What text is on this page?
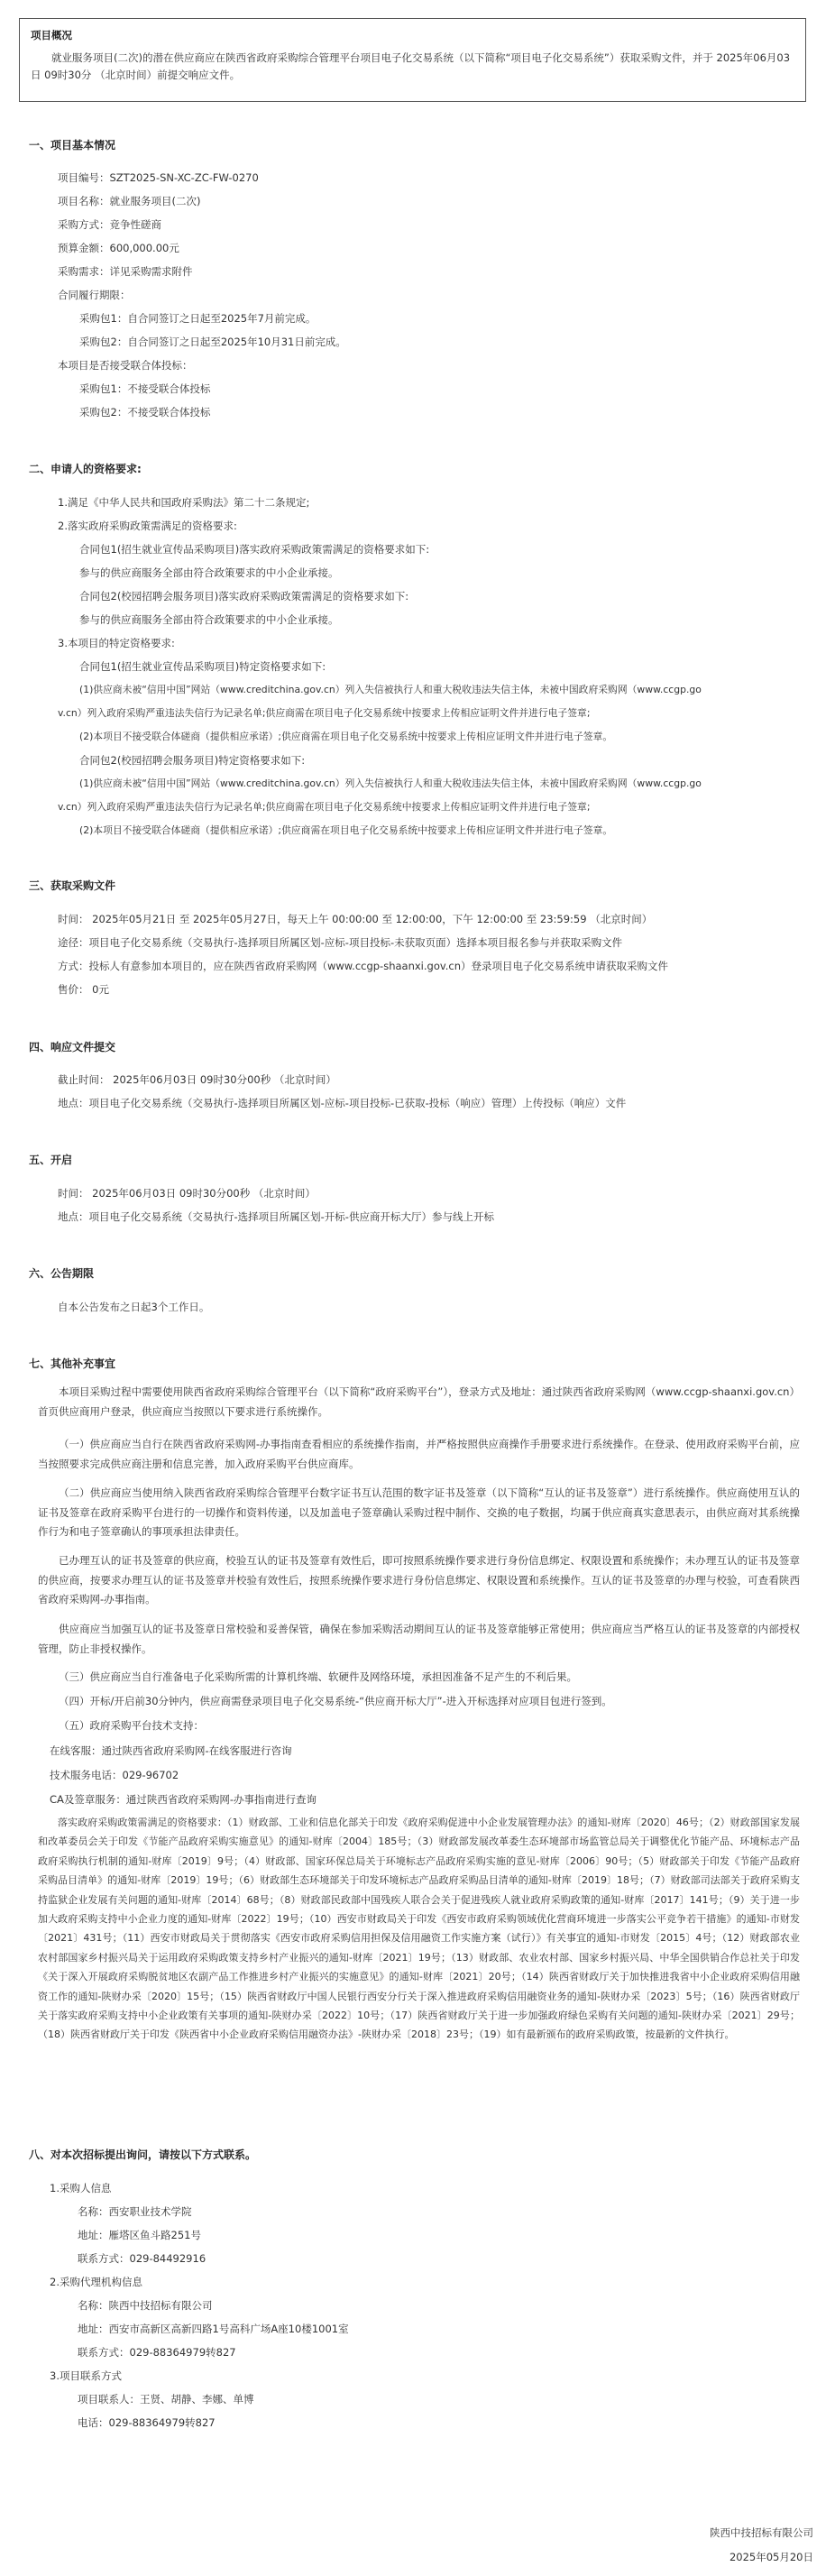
项目概况

就业服务项目(二次)的潜在供应商应在陕西省政府采购综合管理平台项目电子化交易系统（以下简称“项目电子化交易系统”）获取采购文件，并于 2025年06月03日 09时30分 （北京时间）前提交响应文件。

一、项目基本情况
项目编号：SZT2025-SN-XC-ZC-FW-0270
项目名称：就业服务项目(二次)
采购方式：竞争性磋商
预算金额：600,000.00元
采购需求：详见采购需求附件
合同履行期限：
采购包1：自合同签订之日起至2025年7月前完成。
采购包2：自合同签订之日起至2025年10月31日前完成。
本项目是否接受联合体投标：
采购包1：不接受联合体投标
采购包2：不接受联合体投标
二、申请人的资格要求:
1.满足《中华人民共和国政府采购法》第二十二条规定;
2.落实政府采购政策需满足的资格要求:
合同包1(招生就业宣传品采购项目)落实政府采购政策需满足的资格要求如下:
参与的供应商服务全部由符合政策要求的中小企业承接。
合同包2(校园招聘会服务项目)落实政府采购政策需满足的资格要求如下:
参与的供应商服务全部由符合政策要求的中小企业承接。
3.本项目的特定资格要求:
合同包1(招生就业宣传品采购项目)特定资格要求如下:
(1)供应商未被“信用中国”网站（www.creditchina.gov.cn）列入失信被执行人和重大税收违法失信主体，未被中国政府采购网（www.ccgp.go
v.cn）列入政府采购严重违法失信行为记录名单;供应商需在项目电子化交易系统中按要求上传相应证明文件并进行电子签章;
(2)本项目不接受联合体磋商（提供相应承诺）;供应商需在项目电子化交易系统中按要求上传相应证明文件并进行电子签章。
合同包2(校园招聘会服务项目)特定资格要求如下:
(1)供应商未被“信用中国”网站（www.creditchina.gov.cn）列入失信被执行人和重大税收违法失信主体，未被中国政府采购网（www.ccgp.go
v.cn）列入政府采购严重违法失信行为记录名单;供应商需在项目电子化交易系统中按要求上传相应证明文件并进行电子签章;
(2)本项目不接受联合体磋商（提供相应承诺）;供应商需在项目电子化交易系统中按要求上传相应证明文件并进行电子签章。
三、获取采购文件
时间： 2025年05月21日 至 2025年05月27日，每天上午 00:00:00 至 12:00:00，下午 12:00:00 至 23:59:59 （北京时间）
途径：项目电子化交易系统（交易执行-选择项目所属区划-应标-项目投标-未获取页面）选择本项目报名参与并获取采购文件
方式：投标人有意参加本项目的，应在陕西省政府采购网（www.ccgp-shaanxi.gov.cn）登录项目电子化交易系统申请获取采购文件
售价： 0元
四、响应文件提交
截止时间： 2025年06月03日 09时30分00秒 （北京时间）
地点：项目电子化交易系统（交易执行-选择项目所属区划-应标-项目投标-已获取-投标（响应）管理）上传投标（响应）文件
五、开启
时间： 2025年06月03日 09时30分00秒 （北京时间）
地点：项目电子化交易系统（交易执行-选择项目所属区划-开标-供应商开标大厅）参与线上开标
六、公告期限
自本公告发布之日起3个工作日。
七、其他补充事宜
本项目采购过程中需要使用陕西省政府采购综合管理平台（以下简称“政府采购平台”），登录方式及地址：通过陕西省政府采购网（www.ccgp-shaanxi.gov.cn）首页供应商用户登录，供应商应当按照以下要求进行系统操作。
（一）供应商应当自行在陕西省政府采购网-办事指南查看相应的系统操作指南，并严格按照供应商操作手册要求进行系统操作。在登录、使用政府采购平台前，应当按照要求完成供应商注册和信息完善，加入政府采购平台供应商库。
（二）供应商应当使用纳入陕西省政府采购综合管理平台数字证书互认范围的数字证书及签章（以下简称“互认的证书及签章”）进行系统操作。供应商使用互认的证书及签章在政府采购平台进行的一切操作和资料传递，以及加盖电子签章确认采购过程中制作、交换的电子数据，均属于供应商真实意思表示，由供应商对其系统操作行为和电子签章确认的事项承担法律责任。
已办理互认的证书及签章的供应商，校验互认的证书及签章有效性后，即可按照系统操作要求进行身份信息绑定、权限设置和系统操作；未办理互认的证书及签章的供应商，按要求办理互认的证书及签章并校验有效性后，按照系统操作要求进行身份信息绑定、权限设置和系统操作。互认的证书及签章的办理与校验，可查看陕西省政府采购网-办事指南。
供应商应当加强互认的证书及签章日常校验和妥善保管，确保在参加采购活动期间互认的证书及签章能够正常使用；供应商应当严格互认的证书及签章的内部授权管理，防止非授权操作。
（三）供应商应当自行准备电子化采购所需的计算机终端、软硬件及网络环境，承担因准备不足产生的不利后果。
（四）开标/开启前30分钟内，供应商需登录项目电子化交易系统-“供应商开标大厅”-进入开标选择对应项目包进行签到。
（五）政府采购平台技术支持：
在线客服：通过陕西省政府采购网-在线客服进行咨询
技术服务电话：029-96702
CA及签章服务：通过陕西省政府采购网-办事指南进行查询
落实政府采购政策需满足的资格要求：（1）财政部、工业和信息化部关于印发《政府采购促进中小企业发展管理办法》的通知-财库〔2020〕46号；（2）财政部国家发展和改革委员会关于印发《节能产品政府采购实施意见》的通知-财库〔2004〕185号；（3）财政部发展改革委生态环境部市场监管总局关于调整优化节能产品、环境标志产品政府采购执行机制的通知-财库〔2019〕9号；（4）财政部、国家环保总局关于环境标志产品政府采购实施的意见-财库〔2006〕90号；（5）财政部关于印发《节能产品政府采购品目清单》的通知-财库〔2019〕19号；（6）财政部生态环境部关于印发环境标志产品政府采购品目清单的通知-财库〔2019〕18号；（7）财政部司法部关于政府采购支持监狱企业发展有关问题的通知-财库〔2014〕68号；（8）财政部民政部中国残疾人联合会关于促进残疾人就业政府采购政策的通知-财库〔2017〕141号；（9）关于进一步加大政府采购支持中小企业力度的通知-财库〔2022〕19号；（10）西安市财政局关于印发《西安市政府采购领域优化营商环境进一步落实公平竞争若干措施》的通知-市财发〔2021〕431号；（11）西安市财政局关于贯彻落实《西安市政府采购信用担保及信用融资工作实施方案（试行）》有关事宜的通知-市财发〔2015〕4号；（12）财政部农业农村部国家乡村振兴局关于运用政府采购政策支持乡村产业振兴的通知-财库〔2021〕19号；（13）财政部、农业农村部、国家乡村振兴局、中华全国供销合作总社关于印发《关于深入开展政府采购脱贫地区农副产品工作推进乡村产业振兴的实施意见》的通知-财库〔2021〕20号；（14）陕西省财政厅关于加快推进我省中小企业政府采购信用融资工作的通知-陕财办采〔2020〕15号；（15）陕西省财政厅中国人民银行西安分行关于深入推进政府采购信用融资业务的通知-陕财办采〔2023〕5号；（16）陕西省财政厅关于落实政府采购支持中小企业政策有关事项的通知-陕财办采〔2022〕10号；（17）陕西省财政厅关于进一步加强政府绿色采购有关问题的通知-陕财办采〔2021〕29号；（18）陕西省财政厅关于印发《陕西省中小企业政府采购信用融资办法》-陕财办采〔2018〕23号；（19）如有最新颁布的政府采购政策，按最新的文件执行。
八、对本次招标提出询问，请按以下方式联系。
1.采购人信息
名称：西安职业技术学院
地址：雁塔区鱼斗路251号
联系方式：029-84492916
2.采购代理机构信息
名称：陕西中技招标有限公司
地址：西安市高新区高新四路1号高科广场A座10楼1001室
联系方式：029-88364979转827
3.项目联系方式
项目联系人：王贤、胡静、李娜、单博
电话：029-88364979转827
陕西中技招标有限公司
2025年05月20日
